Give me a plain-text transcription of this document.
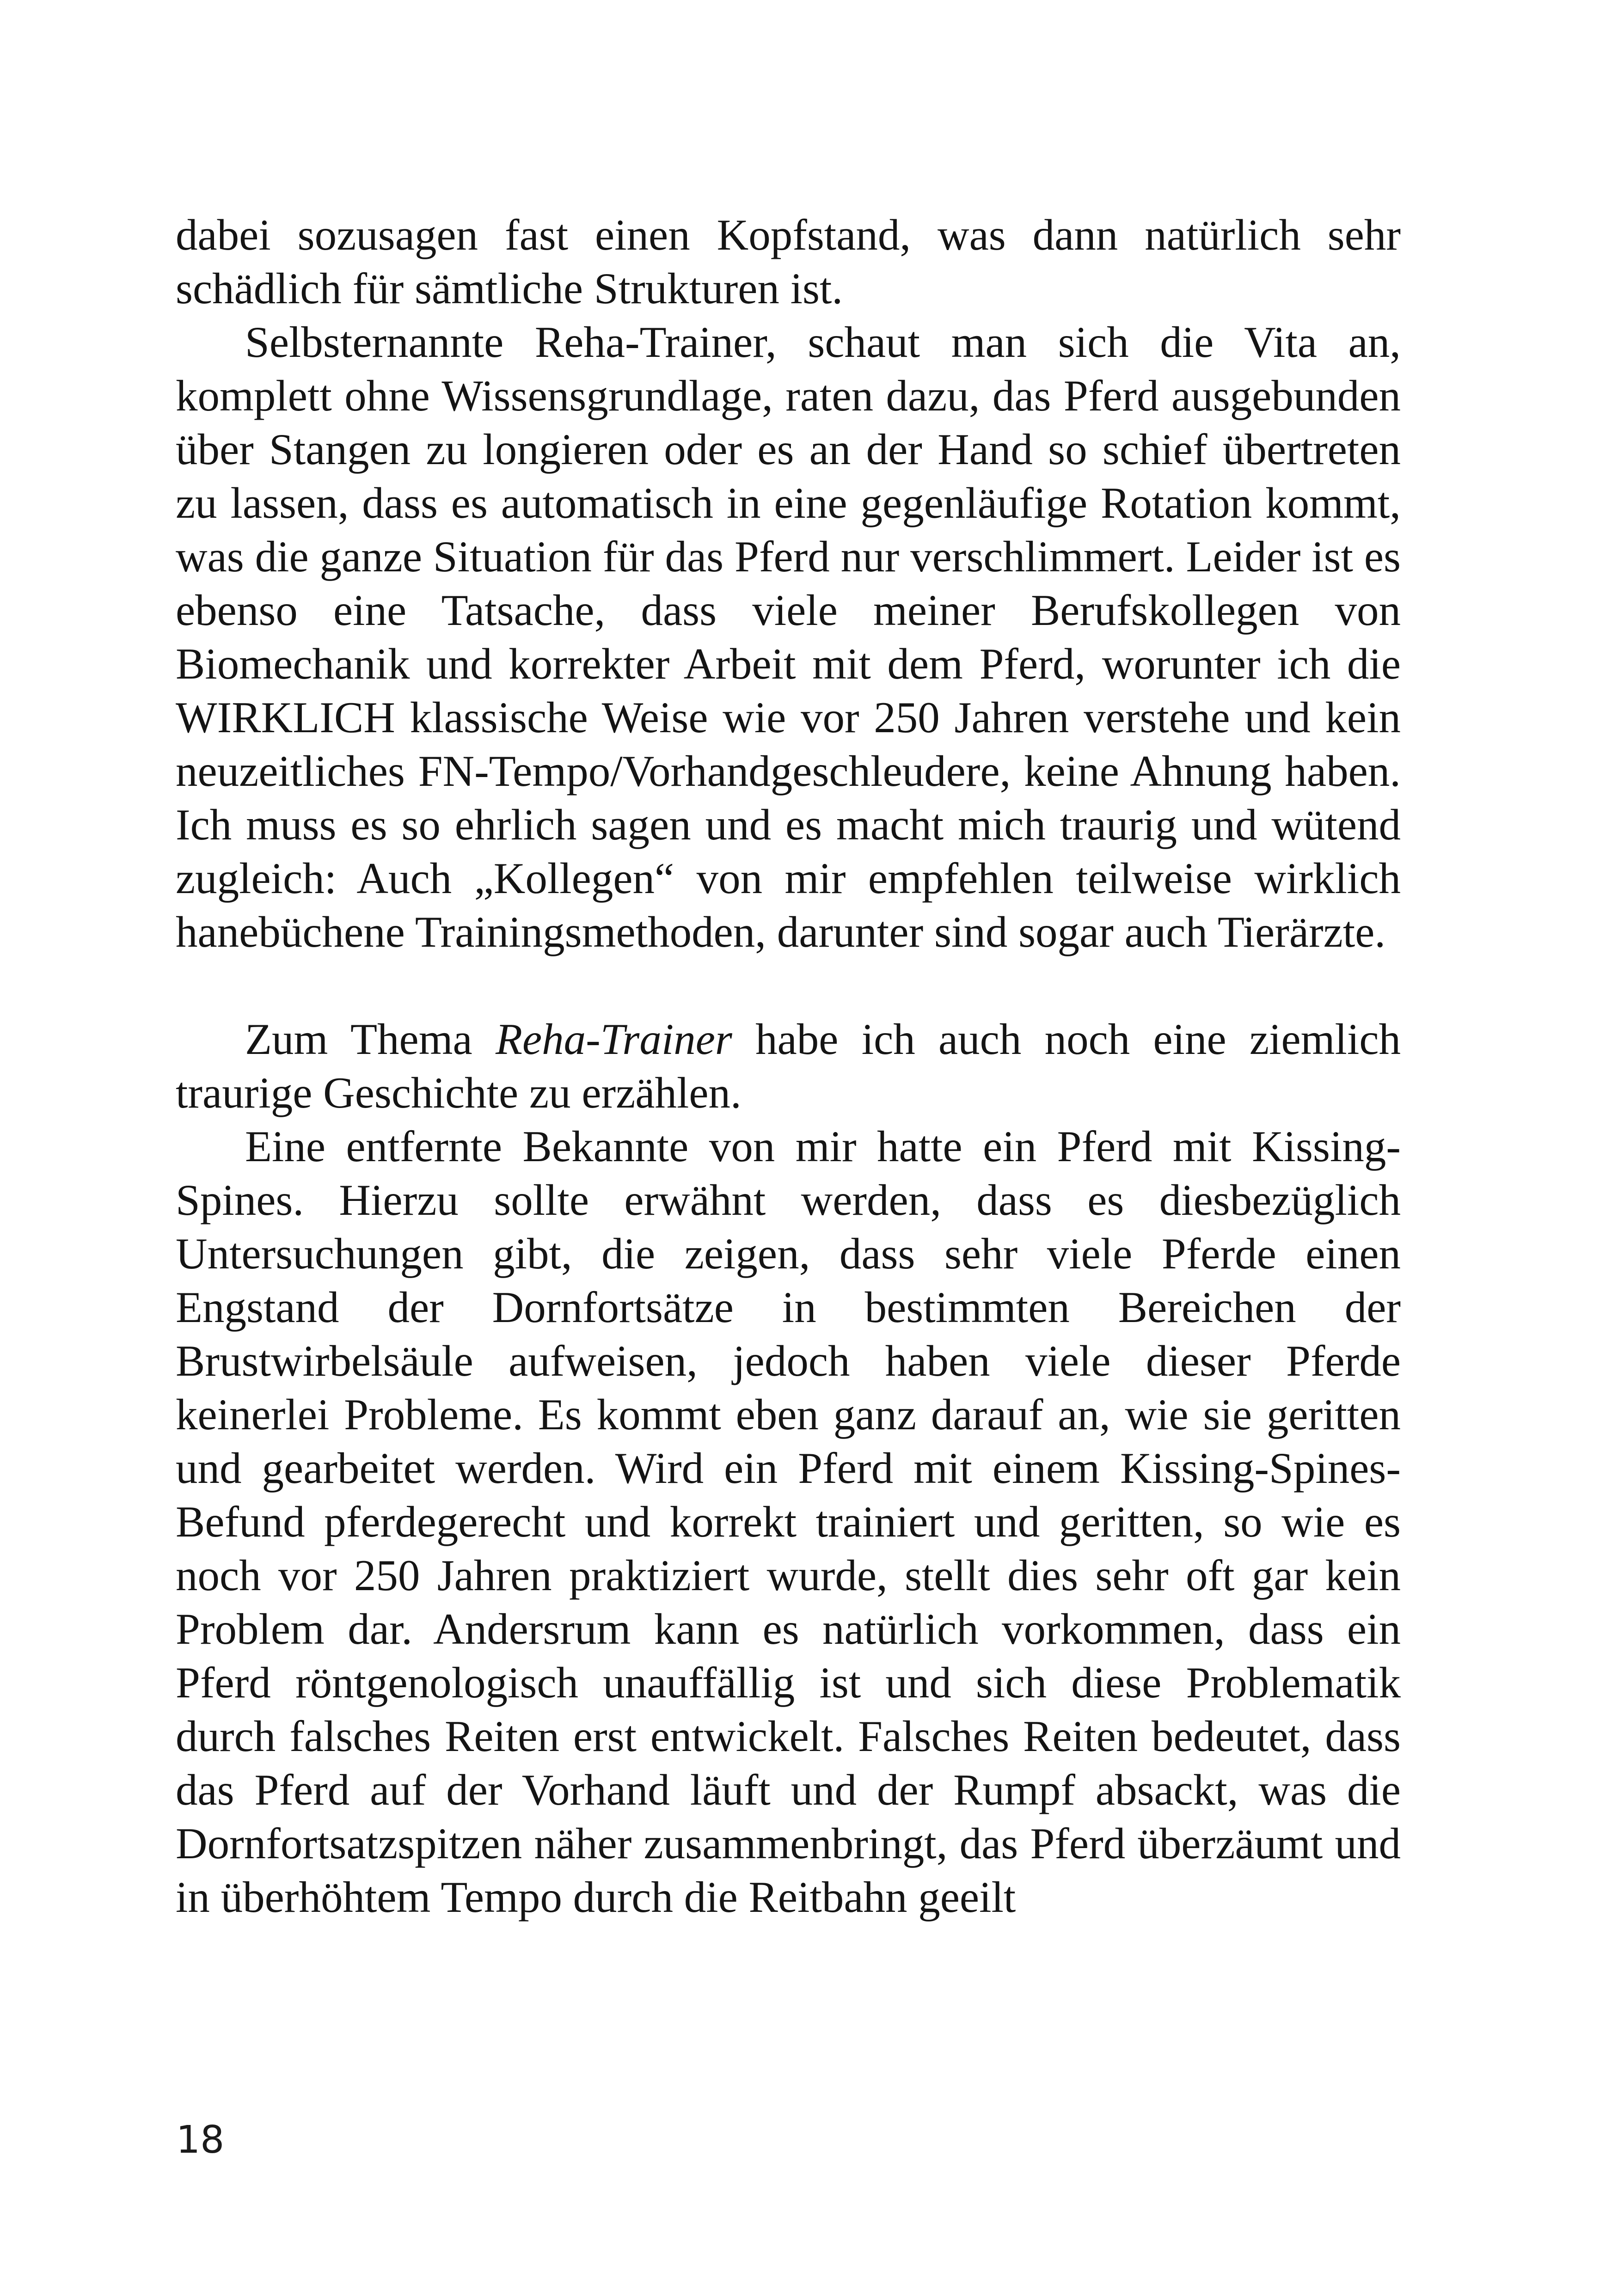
dabei sozusagen fast einen Kopfstand, was dann natürlich sehr schädlich für sämtliche Strukturen ist.

Selbsternannte Reha-Trainer, schaut man sich die Vita an, komplett ohne Wissensgrundlage, raten dazu, das Pferd ausgebunden über Stangen zu longieren oder es an der Hand so schief übertreten zu lassen, dass es automatisch in eine gegenläufige Rotation kommt, was die ganze Situation für das Pferd nur verschlimmert. Leider ist es ebenso eine Tatsache, dass viele meiner Berufskollegen von Biomechanik und korrekter Arbeit mit dem Pferd, worunter ich die WIRKLICH klassische Weise wie vor 250 Jahren verstehe und kein neuzeitliches FN-Tempo/Vorhandgeschleudere, keine Ahnung haben. Ich muss es so ehrlich sagen und es macht mich traurig und wütend zugleich: Auch „Kollegen“ von mir empfehlen teilweise wirklich hanebüchene Trainingsmethoden, darunter sind sogar auch Tierärzte.

Zum Thema Reha-Trainer habe ich auch noch eine ziemlich traurige Geschichte zu erzählen.

Eine entfernte Bekannte von mir hatte ein Pferd mit Kissing-Spines. Hierzu sollte erwähnt werden, dass es diesbezüglich Untersuchungen gibt, die zeigen, dass sehr viele Pferde einen Engstand der Dornfortsätze in bestimmten Bereichen der Brustwirbelsäule aufweisen, jedoch haben viele dieser Pferde keinerlei Probleme. Es kommt eben ganz darauf an, wie sie geritten und gearbeitet werden. Wird ein Pferd mit einem Kissing-Spines-Befund pferdegerecht und korrekt trainiert und geritten, so wie es noch vor 250 Jahren praktiziert wurde, stellt dies sehr oft gar kein Problem dar. Andersrum kann es natürlich vorkommen, dass ein Pferd röntgenologisch unauffällig ist und sich diese Problematik durch falsches Reiten erst entwickelt. Falsches Reiten bedeutet, dass das Pferd auf der Vorhand läuft und der Rumpf absackt, was die Dornfortsatzspitzen näher zusammenbringt, das Pferd überzäumt und in überhöhtem Tempo durch die Reitbahn geeilt

18
